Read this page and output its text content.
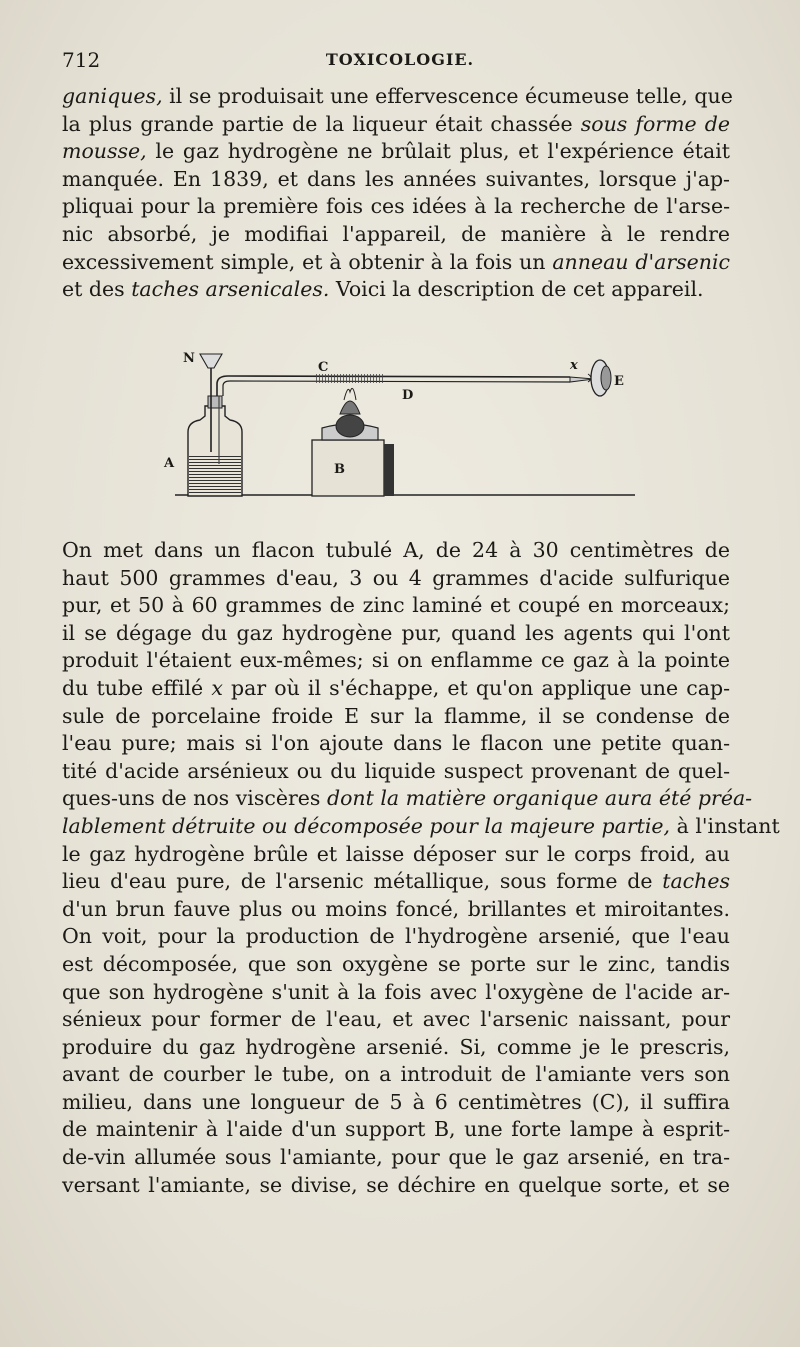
712	TOXICOLOGIE.
ganiques, il se produisait une effervescence écumeuse telle, que
la plus grande partie de la liqueur était chassée sous forme de
mousse, le gaz hydrogène ne brûlait plus, et l'expérience était
manquée. En 1839, et dans les années suivantes, lorsque j'ap-
pliquai pour la première fois ces idées à la recherche de l'arse-
nic absorbé, je modifiai l'appareil, de manière à le rendre
excessivement simple, et à obtenir à la fois un anneau d'arsenic
et des taches arsenicales. Voici la description de cet appareil.
N
A	B
C
D
x
E
On met dans un flacon tubulé A, de 24 à 30 centimètres de
haut 500 grammes d'eau, 3 ou 4 grammes d'acide sulfurique
pur, et 50 à 60 grammes de zinc laminé et coupé en morceaux;
il se dégage du gaz hydrogène pur, quand les agents qui l'ont
produit l'étaient eux-mêmes; si on enflamme ce gaz à la pointe
du tube effilé x par où il s'échappe, et qu'on applique une cap-
sule de porcelaine froide E sur la flamme, il se condense de
l'eau pure; mais si l'on ajoute dans le flacon une petite quan-
tité d'acide arsénieux ou du liquide suspect provenant de quel-
ques-uns de nos viscères dont la matière organique aura été préa-
lablement détruite ou décomposée pour la majeure partie, à l'instant
le gaz hydrogène brûle et laisse déposer sur le corps froid, au
lieu d'eau pure, de l'arsenic métallique, sous forme de taches
d'un brun fauve plus ou moins foncé, brillantes et miroitantes.
On voit, pour la production de l'hydrogène arsenié, que l'eau
est décomposée, que son oxygène se porte sur le zinc, tandis
que son hydrogène s'unit à la fois avec l'oxygène de l'acide ar-
sénieux pour former de l'eau, et avec l'arsenic naissant, pour
produire du gaz hydrogène arsenié. Si, comme je le prescris,
avant de courber le tube, on a introduit de l'amiante vers son
milieu, dans une longueur de 5 à 6 centimètres (C), il suffira
de maintenir à l'aide d'un support B, une forte lampe à esprit-
de-vin allumée sous l'amiante, pour que le gaz arsenié, en tra-
versant l'amiante, se divise, se déchire en quelque sorte, et se
